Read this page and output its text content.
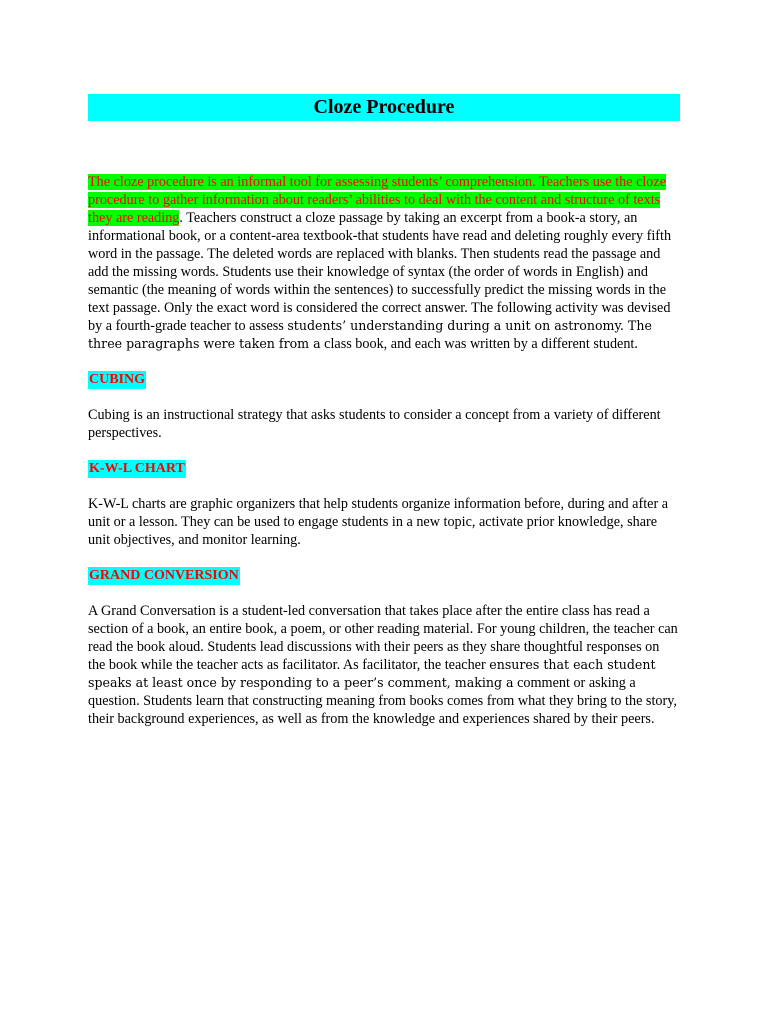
Cloze Procedure

The cloze procedure is an informal tool for assessing students’ comprehension. Teachers use the cloze procedure to gather information about readers’ abilities to deal with the content and structure of texts they are reading. Teachers construct a cloze passage by taking an excerpt from a book-a story, an informational book, or a content-area textbook-that students have read and deleting roughly every fifth word in the passage. The deleted words are replaced with blanks. Then students read the passage and add the missing words. Students use their knowledge of syntax (the order of words in English) and semantic (the meaning of words within the sentences) to successfully predict the missing words in the text passage. Only the exact word is considered the correct answer. The following activity was devised by a fourth-grade teacher to assess students’ understanding during a unit on astronomy. The three paragraphs were taken from a class book, and each was written by a different student.

CUBING

Cubing is an instructional strategy that asks students to consider a concept from a variety of different perspectives.

K-W-L CHART

K-W-L charts are graphic organizers that help students organize information before, during and after a unit or a lesson. They can be used to engage students in a new topic, activate prior knowledge, share unit objectives, and monitor learning.

GRAND CONVERSION

A Grand Conversation is a student-led conversation that takes place after the entire class has read a section of a book, an entire book, a poem, or other reading material. For young children, the teacher can read the book aloud. Students lead discussions with their peers as they share thoughtful responses on the book while the teacher acts as facilitator. As facilitator, the teacher ensures that each student speaks at least once by responding to a peer’s comment, making a comment or asking a question. Students learn that constructing meaning from books comes from what they bring to the story, their background experiences, as well as from the knowledge and experiences shared by their peers.
